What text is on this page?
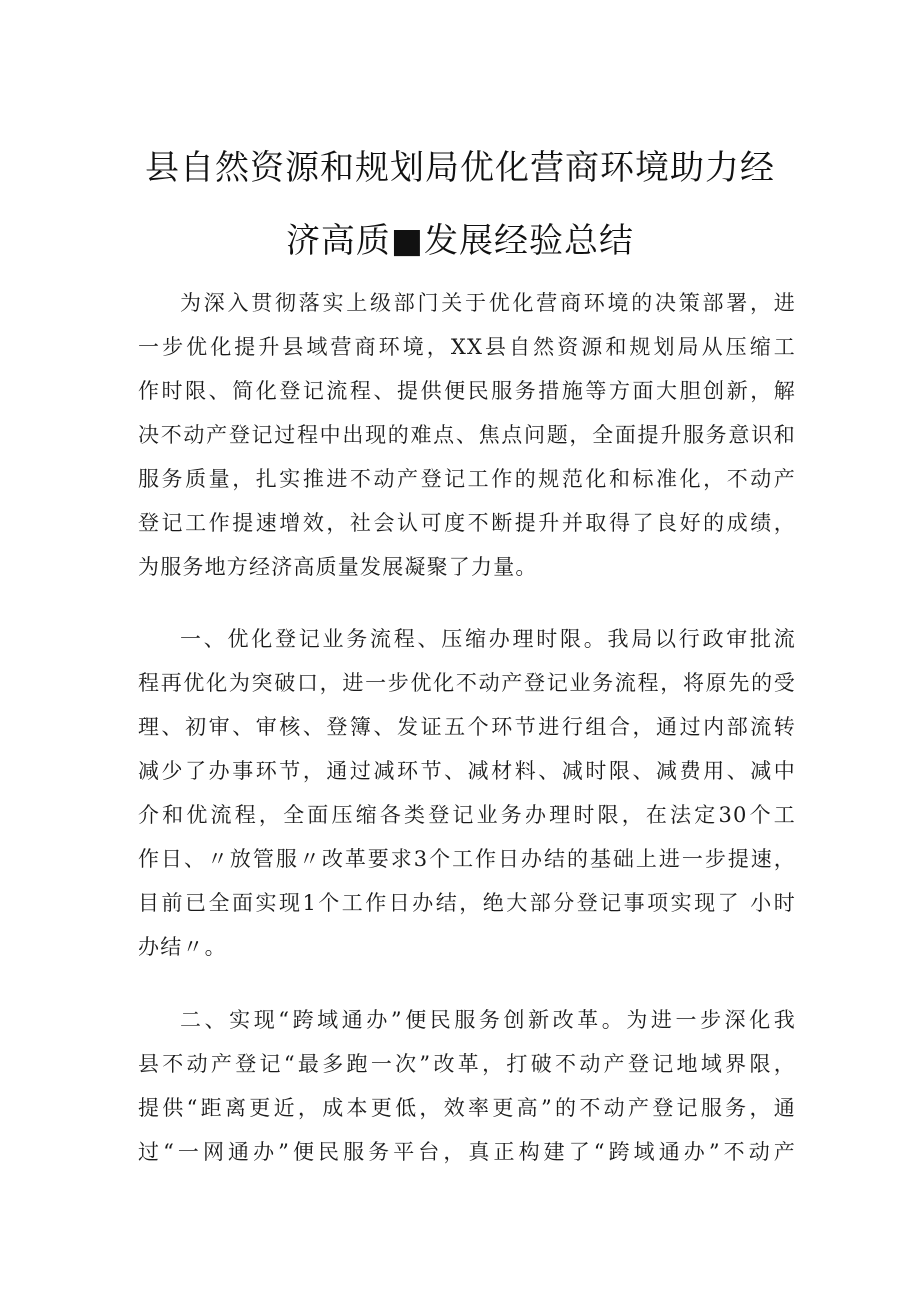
县自然资源和规划局优化营商环境助力经
济高质■发展经验总结
为深入贯彻落实上级部门关于优化营商环境的决策部署，进
一步优化提升县域营商环境，XX县自然资源和规划局从压缩工
作时限、简化登记流程、提供便民服务措施等方面大胆创新，解
决不动产登记过程中出现的难点、焦点问题，全面提升服务意识和
服务质量，扎实推进不动产登记工作的规范化和标准化，不动产
登记工作提速增效，社会认可度不断提升并取得了良好的成绩，
为服务地方经济高质量发展凝聚了力量。
一、优化登记业务流程、压缩办理时限。我局以行政审批流
程再优化为突破口，进一步优化不动产登记业务流程，将原先的受
理、初审、审核、登簿、发证五个环节进行组合，通过内部流转
减少了办事环节，通过减环节、减材料、减时限、减费用、减中
介和优流程，全面压缩各类登记业务办理时限，在法定30个工
作日、〃放管服〃改革要求3个工作日办结的基础上进一步提速，
目前已全面实现1个工作日办结，绝大部分登记事项实现了 小时
办结〃。
二、实现“跨域通办”便民服务创新改革。为进一步深化我
县不动产登记“最多跑一次”改革，打破不动产登记地域界限，
提供“距离更近，成本更低，效率更高”的不动产登记服务，通
过“一网通办”便民服务平台，真正构建了“跨域通办”不动产
